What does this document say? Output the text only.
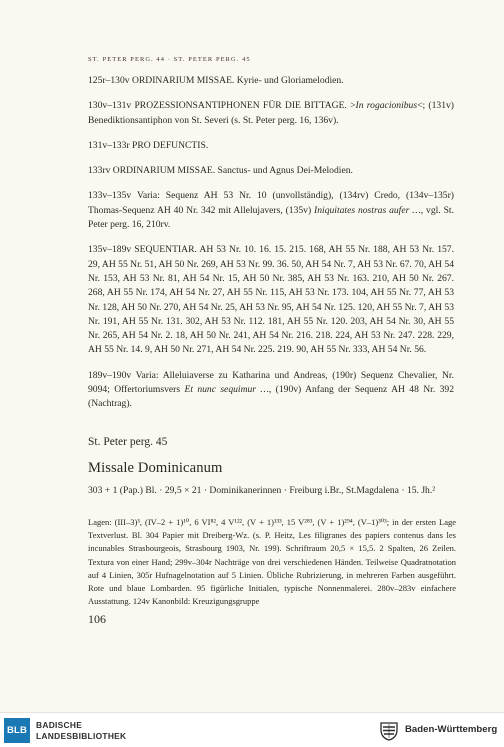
ST. PETER PERG. 44 · ST. PETER PERG. 45

125r–130v ORDINARIUM MISSAE. Kyrie- und Gloriamelodien.

130v–131v PROZESSIONSANTIPHONEN FÜR DIE BITTAGE. >In rogacionibus<; (131v) Benediktionsantiphon von St. Severi (s. St. Peter perg. 16, 136v).

131v–133r PRO DEFUNCTIS.

133rv ORDINARIUM MISSAE. Sanctus- und Agnus Dei-Melodien.

133v–135v Varia: Sequenz AH 53 Nr. 10 (unvollständig), (134rv) Credo, (134v–135r) Thomas-Sequenz AH 40 Nr. 342 mit Allelujavers, (135v) Iniquitates nostras aufer …, vgl. St. Peter perg. 16, 210rv.

135v–189v SEQUENTIAR. AH 53 Nr. 10. 16. 15. 215. 168, AH 55 Nr. 188, AH 53 Nr. 157. 29, AH 55 Nr. 51, AH 50 Nr. 269, AH 53 Nr. 99. 36. 50, AH 54 Nr. 7, AH 53 Nr. 67. 70, AH 54 Nr. 153, AH 53 Nr. 81, AH 54 Nr. 15, AH 50 Nr. 385, AH 53 Nr. 163. 210, AH 50 Nr. 267. 268, AH 55 Nr. 174, AH 54 Nr. 27, AH 55 Nr. 115, AH 53 Nr. 173. 104, AH 55 Nr. 77, AH 53 Nr. 128, AH 50 Nr. 270, AH 54 Nr. 25, AH 53 Nr. 95, AH 54 Nr. 125. 120, AH 55 Nr. 7, AH 53 Nr. 191, AH 55 Nr. 131. 302, AH 53 Nr. 112. 181, AH 55 Nr. 120. 203, AH 54 Nr. 30, AH 55 Nr. 265, AH 54 Nr. 2. 18, AH 50 Nr. 241, AH 54 Nr. 216. 218. 224, AH 53 Nr. 247. 228. 229, AH 55 Nr. 14. 9, AH 50 Nr. 271, AH 54 Nr. 225. 219. 90, AH 55 Nr. 333, AH 54 Nr. 56.

189v–190v Varia: Alleluiaverse zu Katharina und Andreas, (190r) Sequenz Chevalier, Nr. 9094; Offertoriumsvers Et nunc sequimur …, (190v) Anfang der Sequenz AH 48 Nr. 392 (Nachtrag).

St. Peter perg. 45
Missale Dominicanum
303 + 1 (Pap.) Bl. · 29,5 × 21 · Dominikanerinnen · Freiburg i.Br., St.Magdalena · 15. Jh.²
Lagen: (III–3)³, (IV–2 + 1)¹⁰, 6 VI⁸², 4 V¹²², (V + 1)¹³³, 15 V²⁸³, (V + 1)²⁹⁴, (V–1)³⁰³; in der ersten Lage Textverlust. Bl. 304 Papier mit Dreiberg-Wz. (s. P. Heitz, Les filigranes des papiers contenus dans les incunables Strasbourgeois, Strasbourg 1903, Nr. 199). Schriftraum 20,5 × 15,5. 2 Spalten, 26 Zeilen. Textura von einer Hand; 299v–304r Nachträge von drei verschiedenen Händen. Teilweise Quadratnotation auf 4 Linien, 305r Hufnagelnotation auf 5 Linien. Übliche Rubrizierung, in mehreren Farben ausgeführt. Rote und blaue Lombarden. 95 figürliche Initialen, typische Nonnenmalerei. 280v–283v einfachere Ausstattung. 124v Kanonbild: Kreuzigungsgruppe
106
BLB	BADISCHE
LANDESBIBLIOTHEK
Baden-Württemberg
